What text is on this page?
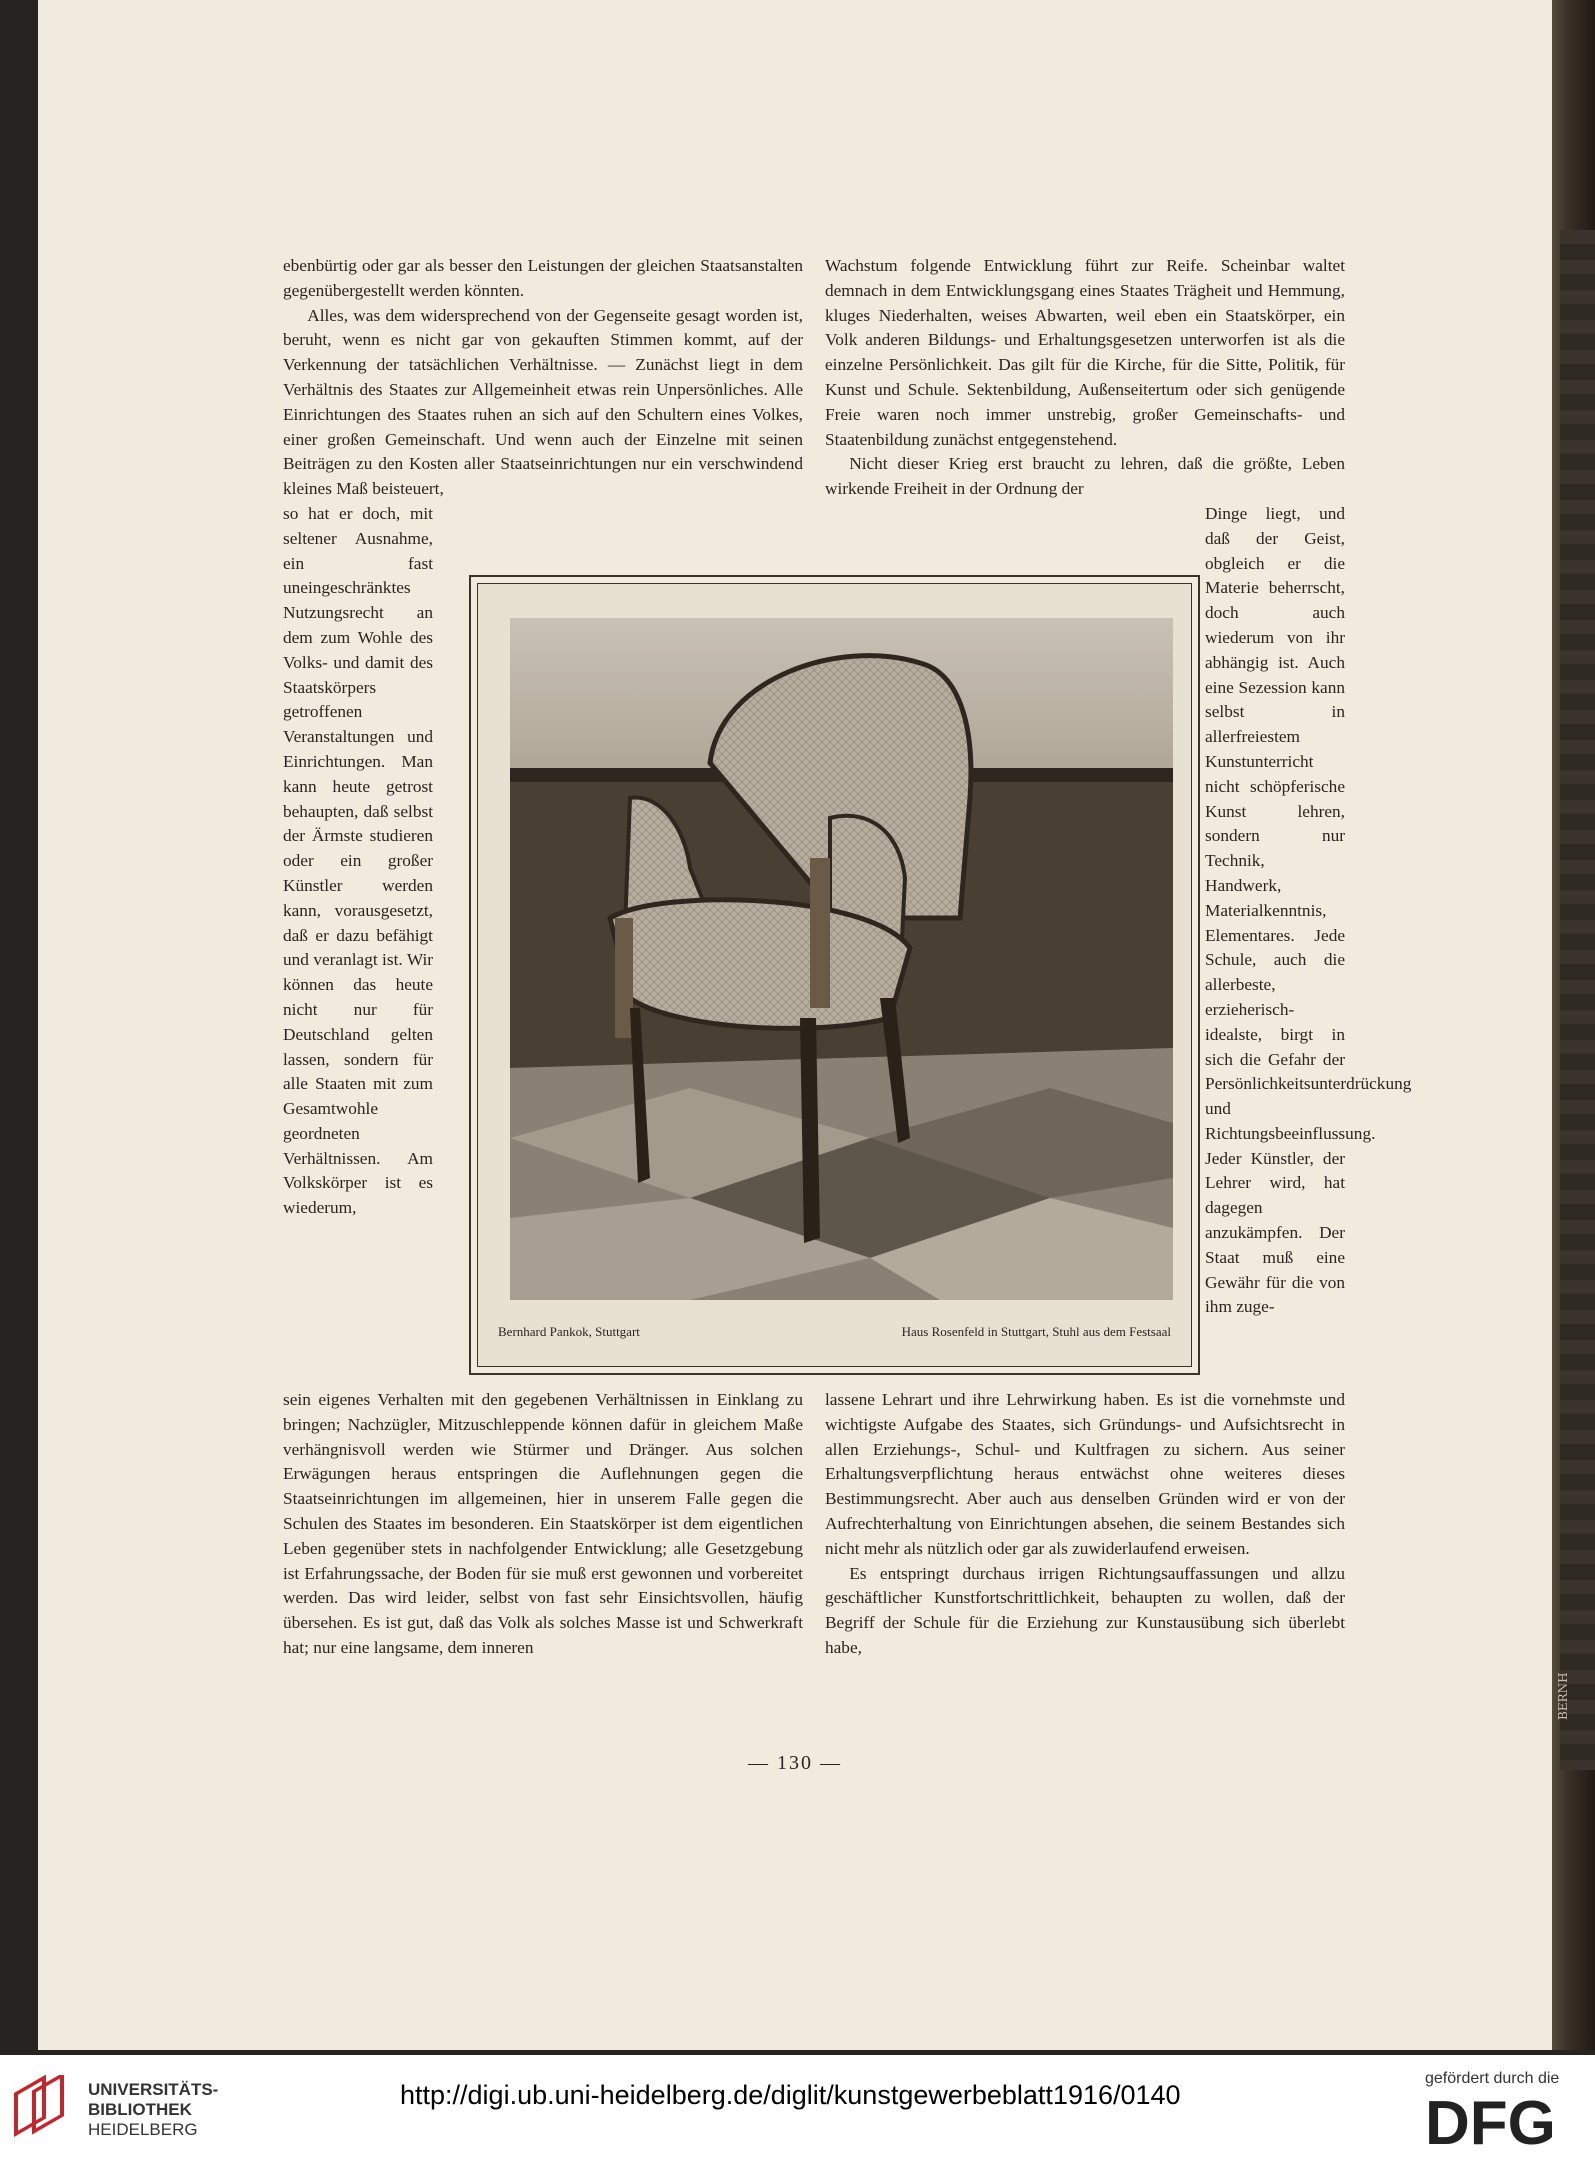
BERNH

ebenbürtig oder gar als besser den Leistungen der gleichen Staatsanstalten gegenübergestellt werden könnten.

Alles, was dem widersprechend von der Gegenseite gesagt worden ist, beruht, wenn es nicht gar von gekauften Stimmen kommt, auf der Verkennung der tatsächlichen Verhältnisse. — Zunächst liegt in dem Verhältnis des Staates zur Allgemeinheit etwas rein Unpersönliches. Alle Einrichtungen des Staates ruhen an sich auf den Schultern eines Volkes, einer großen Gemeinschaft. Und wenn auch der Einzelne mit seinen Beiträgen zu den Kosten aller Staatseinrichtungen nur ein verschwindend kleines Maß beisteuert,

so hat er doch, mit seltener Ausnahme, ein fast uneingeschränktes Nutzungsrecht an dem zum Wohle des Volks- und damit des Staatskörpers getroffenen Veranstaltungen und Einrichtungen. Man kann heute getrost behaupten, daß selbst der Ärmste studieren oder ein großer Künstler werden kann, vorausgesetzt, daß er dazu befähigt und veranlagt ist. Wir können das heute nicht nur für Deutschland gelten lassen, sondern für alle Staaten mit zum Gesamtwohle geordneten Verhältnissen. Am Volkskörper ist es wiederum,

sein eigenes Verhalten mit den gegebenen Verhältnissen in Einklang zu bringen; Nachzügler, Mitzuschleppende können dafür in gleichem Maße verhängnisvoll werden wie Stürmer und Dränger. Aus solchen Erwägungen heraus entspringen die Auflehnungen gegen die Staatseinrichtungen im allgemeinen, hier in unserem Falle gegen die Schulen des Staates im besonderen. Ein Staatskörper ist dem eigentlichen Leben gegenüber stets in nachfolgender Entwicklung; alle Gesetzgebung ist Erfahrungssache, der Boden für sie muß erst gewonnen und vorbereitet werden. Das wird leider, selbst von fast sehr Einsichtsvollen, häufig übersehen. Es ist gut, daß das Volk als solches Masse ist und Schwerkraft hat; nur eine langsame, dem inneren

Wachstum folgende Entwicklung führt zur Reife. Scheinbar waltet demnach in dem Entwicklungsgang eines Staates Trägheit und Hemmung, kluges Niederhalten, weises Abwarten, weil eben ein Staatskörper, ein Volk anderen Bildungs- und Erhaltungsgesetzen unterworfen ist als die einzelne Persönlichkeit. Das gilt für die Kirche, für die Sitte, Politik, für Kunst und Schule. Sektenbildung, Außenseitertum oder sich genügende Freie waren noch immer unstrebig, großer Gemeinschafts- und Staatenbildung zunächst entgegenstehend.

Nicht dieser Krieg erst braucht zu lehren, daß die größte, Leben wirkende Freiheit in der Ordnung der

Dinge liegt, und daß der Geist, obgleich er die Materie beherrscht, doch auch wiederum von ihr abhängig ist. Auch eine Sezession kann selbst in allerfreiestem Kunstunterricht nicht schöpferische Kunst lehren, sondern nur Technik, Handwerk, Materialkenntnis, Elementares. Jede Schule, auch die allerbeste, erzieherisch-idealste, birgt in sich die Gefahr der Persönlichkeitsunterdrückung und Richtungsbeeinflussung. Jeder Künstler, der Lehrer wird, hat dagegen anzukämpfen. Der Staat muß eine Gewähr für die von ihm zuge-

lassene Lehrart und ihre Lehrwirkung haben. Es ist die vornehmste und wichtigste Aufgabe des Staates, sich Gründungs- und Aufsichtsrecht in allen Erziehungs-, Schul- und Kultfragen zu sichern. Aus seiner Erhaltungsverpflichtung heraus entwächst ohne weiteres dieses Bestimmungsrecht. Aber auch aus denselben Gründen wird er von der Aufrechterhaltung von Einrichtungen absehen, die seinem Bestandes sich nicht mehr als nützlich oder gar als zuwiderlaufend erweisen.

Es entspringt durchaus irrigen Richtungsauffassungen und allzu geschäftlicher Kunstfortschrittlichkeit, behaupten zu wollen, daß der Begriff der Schule für die Erziehung zur Kunstausübung sich überlebt habe,

Bernhard Pankok, Stuttgart	Haus Rosenfeld in Stuttgart, Stuhl aus dem Festsaal
— 130 —
UNIVERSITÄTS-
BIBLIOTHEK
HEIDELBERG
http://digi.ub.uni-heidelberg.de/diglit/kunstgewerbeblatt1916/0140
gefördert durch die
DFG
